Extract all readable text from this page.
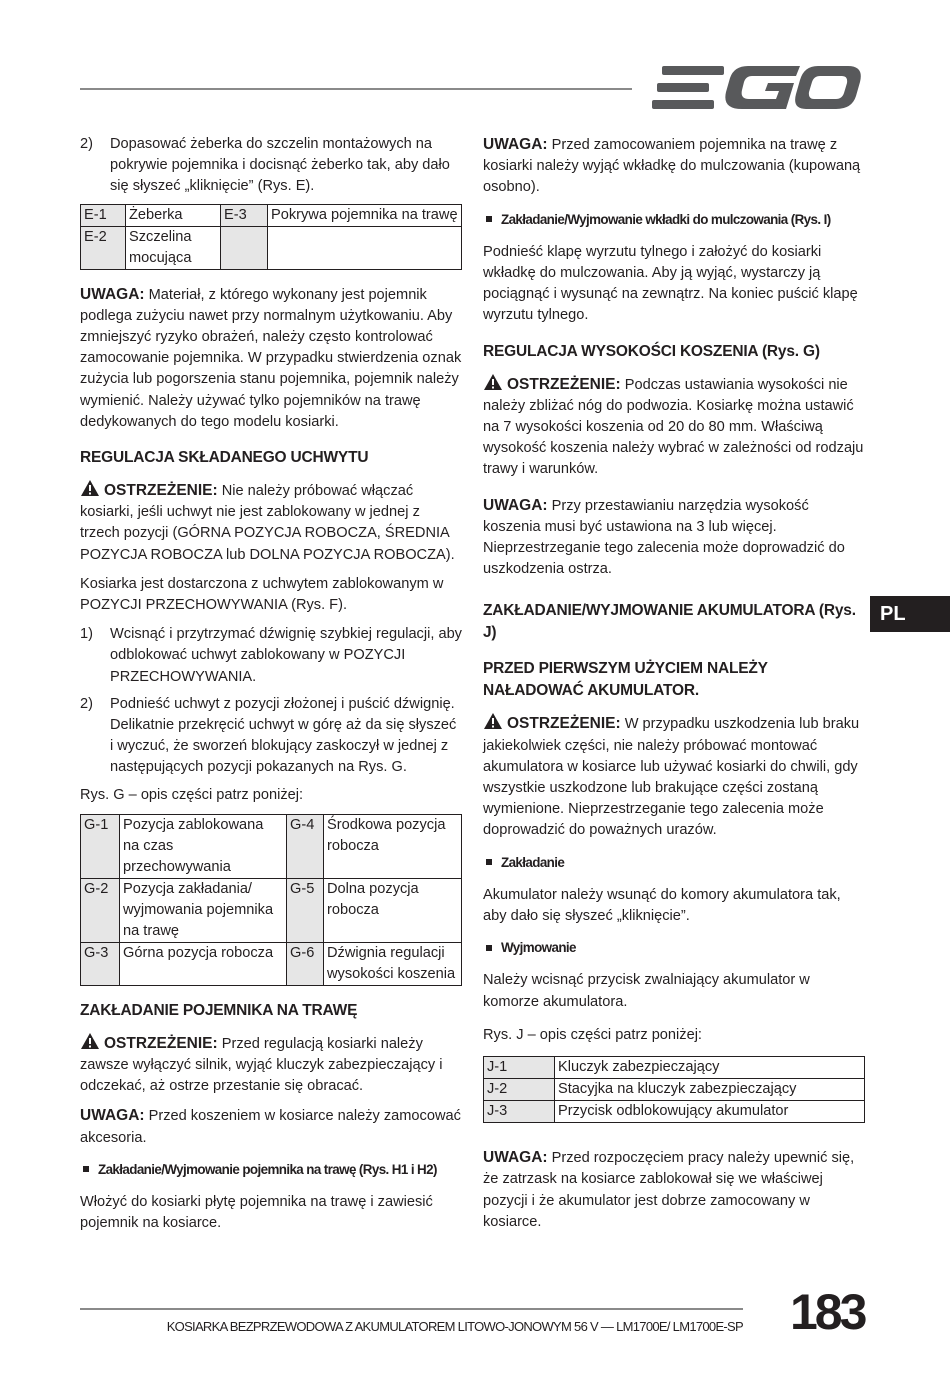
2)	Dopasować żeberka do szczelin montażowych na pokrywie pojemnika i docisnąć żeberko tak, aby dało się słyszeć „kliknięcie” (Rys. E).
E-1	Żeberka	E-3	Pokrywa pojemnika na trawę
E-2	Szczelina mocująca		

UWAGA: Materiał, z którego wykonany jest pojemnik podlega zużyciu nawet przy normalnym użytkowaniu. Aby zmniejszyć ryzyko obrażeń, należy często kontrolować zamocowanie pojemnika. W przypadku stwierdzenia oznak zużycia lub pogorszenia stanu pojemnika, pojemnik należy wymienić. Należy używać tylko pojemników na trawę dedykowanych do tego modelu kosiarki.

REGULACJA SKŁADANEGO UCHWYTU

OSTRZEŻENIE: Nie należy próbować włączać kosiarki, jeśli uchwyt nie jest zablokowany w jednej z trzech pozycji (GÓRNA POZYCJA ROBOCZA, ŚREDNIA POZYCJA ROBOCZA lub DOLNA POZYCJA ROBOCZA).

Kosiarka jest dostarczona z uchwytem zablokowanym w POZYCJI PRZECHOWYWANIA (Rys. F).

1)	Wcisnąć i przytrzymać dźwignię szybkiej regulacji, aby odblokować uchwyt zablokowany w POZYCJI PRZECHOWYWANIA.
2)	Podnieść uchwyt z pozycji złożonej i puścić dźwignię. Delikatnie przekręcić uchwyt w górę aż da się słyszeć i wyczuć, że sworzeń blokujący zaskoczył w jednej z następujących pozycji pokazanych na Rys. G.

Rys. G – opis części patrz poniżej:

G-1	Pozycja zablokowana na czas przechowywania	G-4	Środkowa pozycja robocza
G-2	Pozycja zakładania/ wyjmowania pojemnika na trawę	G-5	Dolna pozycja robocza
G-3	Górna pozycja robocza	G-6	Dźwignia regulacji wysokości koszenia
ZAKŁADANIE POJEMNIKA NA TRAWĘ

OSTRZEŻENIE: Przed regulacją kosiarki należy zawsze wyłączyć silnik, wyjąć kluczyk zabezpieczający i odczekać, aż ostrze przestanie się obracać.

UWAGA: Przed koszeniem w kosiarce należy zamocować akcesoria.

Zakładanie/Wyjmowanie pojemnika na trawę (Rys. H1 i H2)

Włożyć do kosiarki płytę pojemnika na trawę i zawiesić pojemnik na kosiarce.

UWAGA: Przed zamocowaniem pojemnika na trawę z kosiarki należy wyjąć wkładkę do mulczowania (kupowaną osobno).

Zakładanie/Wyjmowanie wkładki do mulczowania (Rys. I)

Podnieść klapę wyrzutu tylnego i założyć do kosiarki wkładkę do mulczowania. Aby ją wyjąć, wystarczy ją pociągnąć i wysunąć na zewnątrz. Na koniec puścić klapę wyrzutu tylnego.

REGULACJA WYSOKOŚCI KOSZENIA (Rys. G)

OSTRZEŻENIE: Podczas ustawiania wysokości nie należy zbliżać nóg do podwozia. Kosiarkę można ustawić na 7 wysokości koszenia od 20 do 80 mm. Właściwą wysokość koszenia należy wybrać w zależności od rodzaju trawy i warunków.

UWAGA: Przy przestawianiu narzędzia wysokość koszenia musi być ustawiona na 3 lub więcej. Nieprzestrzeganie tego zalecenia może doprowadzić do uszkodzenia ostrza.

ZAKŁADANIE/WYJMOWANIE AKUMULATORA (Rys. J)
PRZED PIERWSZYM UŻYCIEM NALEŻY NAŁADOWAĆ AKUMULATOR.

OSTRZEŻENIE: W przypadku uszkodzenia lub braku jakiekolwiek części, nie należy próbować montować akumulatora w kosiarce lub używać kosiarki do chwili, gdy wszystkie uszkodzone lub brakujące części zostaną wymienione. Nieprzestrzeganie tego zalecenia może doprowadzić do poważnych urazów.

Zakładanie

Akumulator należy wsunąć do komory akumulatora tak, aby dało się słyszeć „kliknięcie”.

Wyjmowanie

Należy wcisnąć przycisk zwalniający akumulator w komorze akumulatora.

Rys. J – opis części patrz poniżej:

J-1	Kluczyk zabezpieczający
J-2	Stacyjka na kluczyk zabezpieczający
J-3	Przycisk odblokowujący akumulator

UWAGA: Przed rozpoczęciem pracy należy upewnić się, że zatrzask na kosiarce zablokował się we właściwej pozycji i że akumulator jest dobrze zamocowany w kosiarce.

PL
KOSIARKA BEZPRZEWODOWA Z AKUMULATOREM LITOWO-JONOWYM 56 V — LM1700E/ LM1700E-SP 183
